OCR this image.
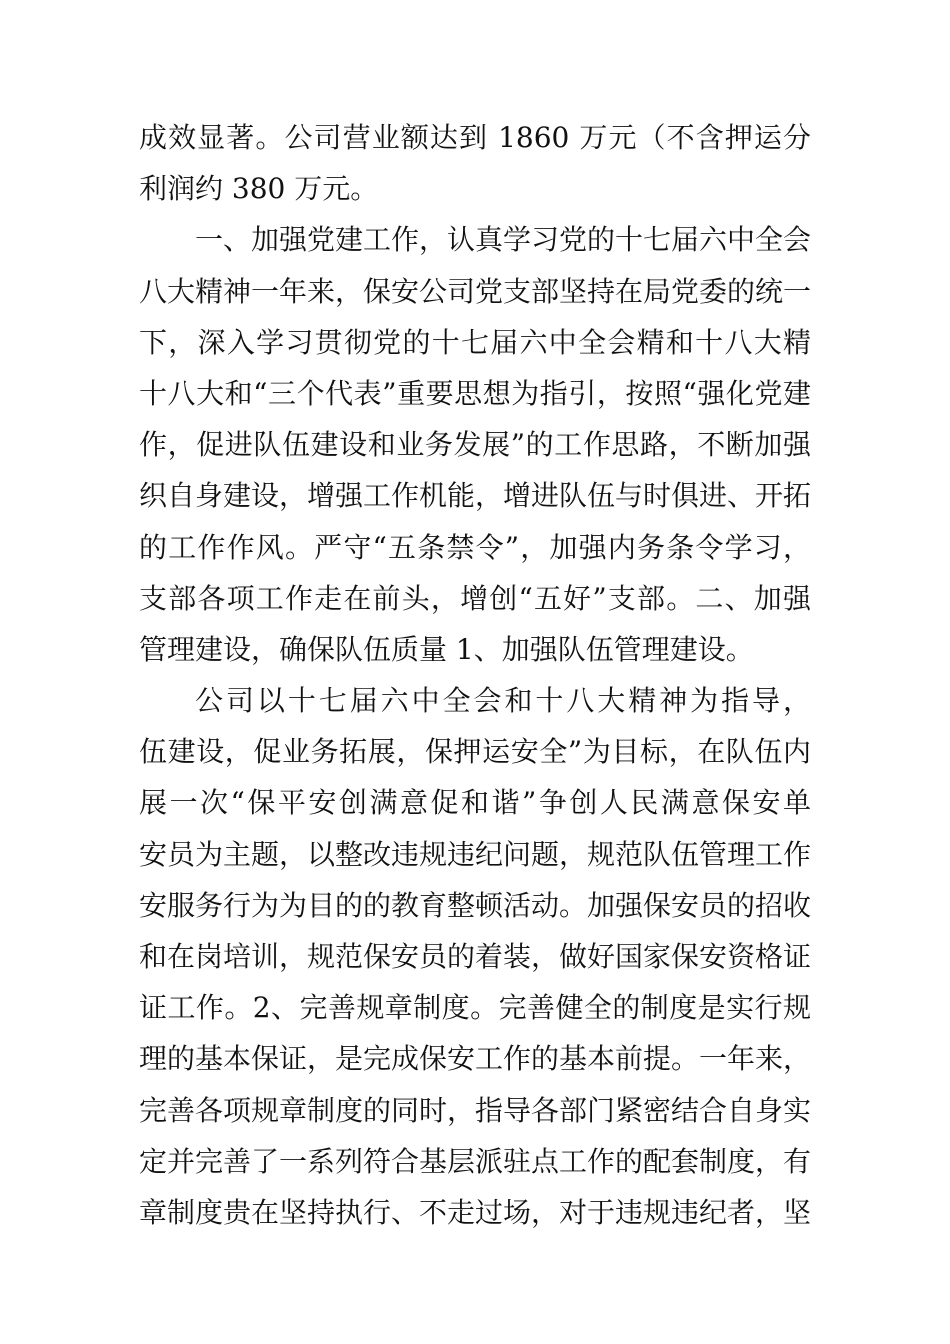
成效显著。公司营业额达到 1860 万元（不含押运分
利润约 380 万元。
一、加强党建工作，认真学习党的十七届六中全会
八大精神一年来，保安公司党支部坚持在局党委的统一
下，深入学习贯彻党的十七届六中全会精和十八大精
十八大和“三个代表”重要思想为指引，按照“强化党建
作，促进队伍建设和业务发展”的工作思路，不断加强
织自身建设，增强工作机能，增进队伍与时俱进、开拓
的工作作风。严守“五条禁令”，加强内务条令学习，
支部各项工作走在前头，增创“五好”支部。二、加强
管理建设，确保队伍质量 1、加强队伍管理建设。
公司以十七届六中全会和十八大精神为指导，
伍建设，促业务拓展，保押运安全”为目标，在队伍内
展一次“保平安创满意促和谐”争创人民满意保安单
安员为主题，以整改违规违纪问题，规范队伍管理工作
安服务行为为目的的教育整顿活动。加强保安员的招收
和在岗培训，规范保安员的着装，做好国家保安资格证
证工作。2、完善规章制度。完善健全的制度是实行规
理的基本保证，是完成保安工作的基本前提。一年来，
完善各项规章制度的同时，指导各部门紧密结合自身实
定并完善了一系列符合基层派驻点工作的配套制度，有
章制度贵在坚持执行、不走过场，对于违规违纪者，坚
